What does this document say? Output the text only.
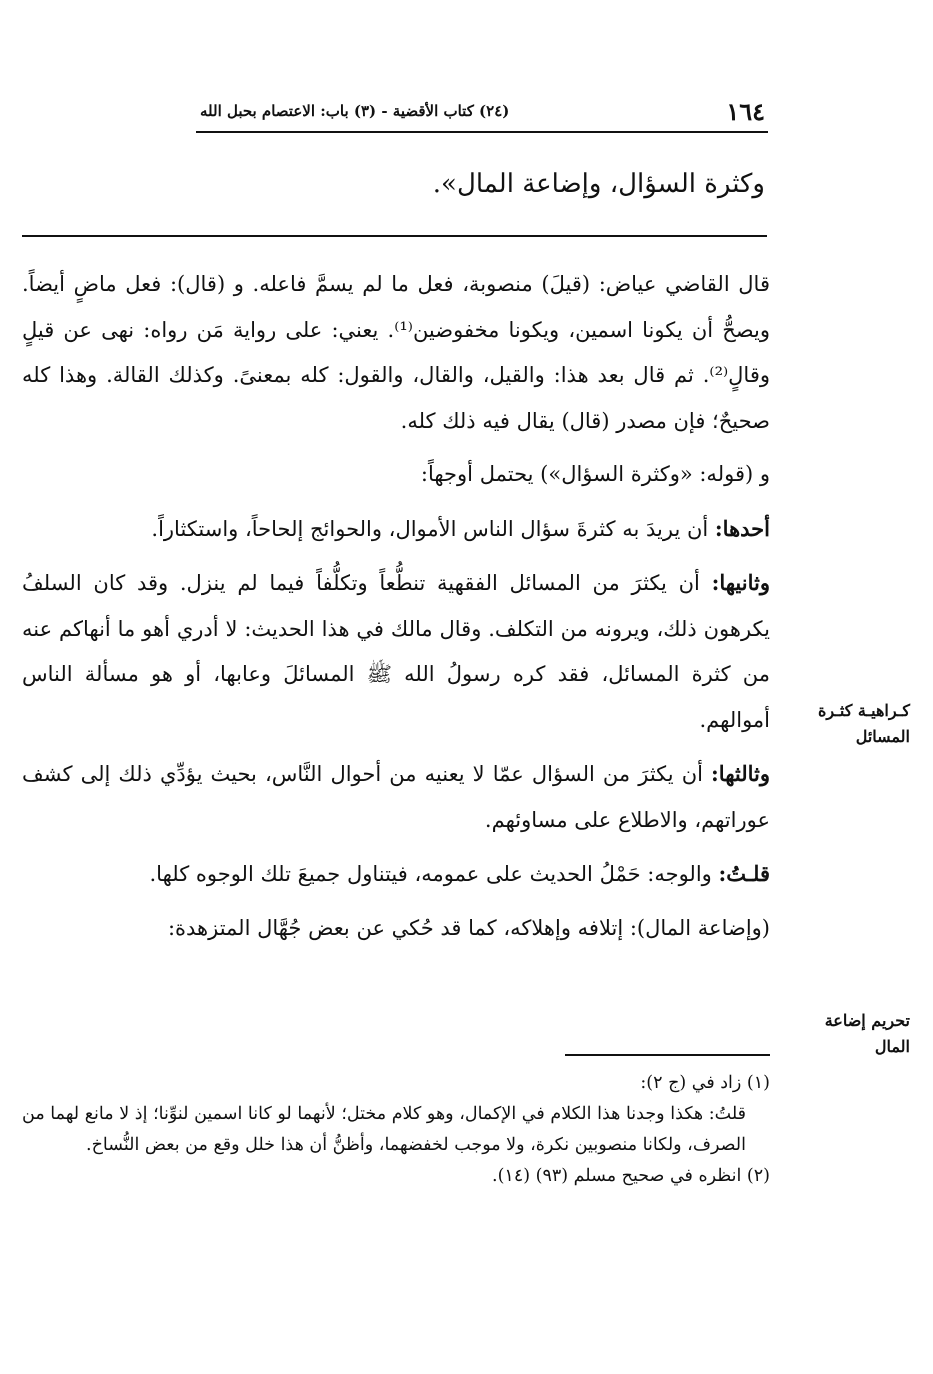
١٦٤
(٢٤) كتاب الأقضية - (٣) باب: الاعتصام بحبل الله
وكثرة السؤال، وإضاعة المال».

قال القاضي عياض: (قيلَ) منصوبة، فعل ما لم يسمَّ فاعله. و (قال): فعل ماضٍ أيضاً. ويصحُّ أن يكونا اسمين، ويكونا مخفوضين⁽¹⁾. يعني: على رواية مَن رواه: نهى عن قيلٍ وقالٍ⁽²⁾. ثم قال بعد هذا: والقيل، والقال، والقول: كله بمعنىً. وكذلك القالة. وهذا كله صحيحٌ؛ فإن مصدر (قال) يقال فيه ذلك كله.

و (قوله: «وكثرة السؤال») يحتمل أوجهاً:

أحدها: أن يريدَ به كثرةَ سؤال الناس الأموال، والحوائج إلحاحاً، واستكثاراً.

وثانيها: أن يكثرَ من المسائل الفقهية تنطُّعاً وتكلُّفاً فيما لم ينزل. وقد كان السلفُ يكرهون ذلك، ويرونه من التكلف. وقال مالك في هذا الحديث: لا أدري أهو ما أنهاكم عنه من كثرة المسائل، فقد كره رسولُ الله ﷺ المسائلَ وعابها، أو هو مسألة الناس أموالهم.

وثالثها: أن يكثرَ من السؤال عمّا لا يعنيه من أحوال النَّاس، بحيث يؤدِّي ذلك إلى كشف عوراتهم، والاطلاع على مساوئهم.

قلـتُ: والوجه: حَمْلُ الحديث على عمومه، فيتناول جميعَ تلك الوجوه كلها.

(وإضاعة المال): إتلافه وإهلاكه، كما قد حُكي عن بعض جُهَّال المتزهدة:

كـراهيـة كثـرة المسائل
تحريم إضاعة المال

(١) زاد في (ج ٢):

قلتُ: هكذا وجدنا هذا الكلام في الإكمال، وهو كلام مختل؛ لأنهما لو كانا اسمين لنوِّنا؛ إذ لا مانع لهما من الصرف، ولكانا منصوبين نكرة، ولا موجب لخفضهما، وأظنُّ أن هذا خلل وقع من بعض النُّساخ.

(٢) انظره في صحيح مسلم (٩٣) (١٤).
